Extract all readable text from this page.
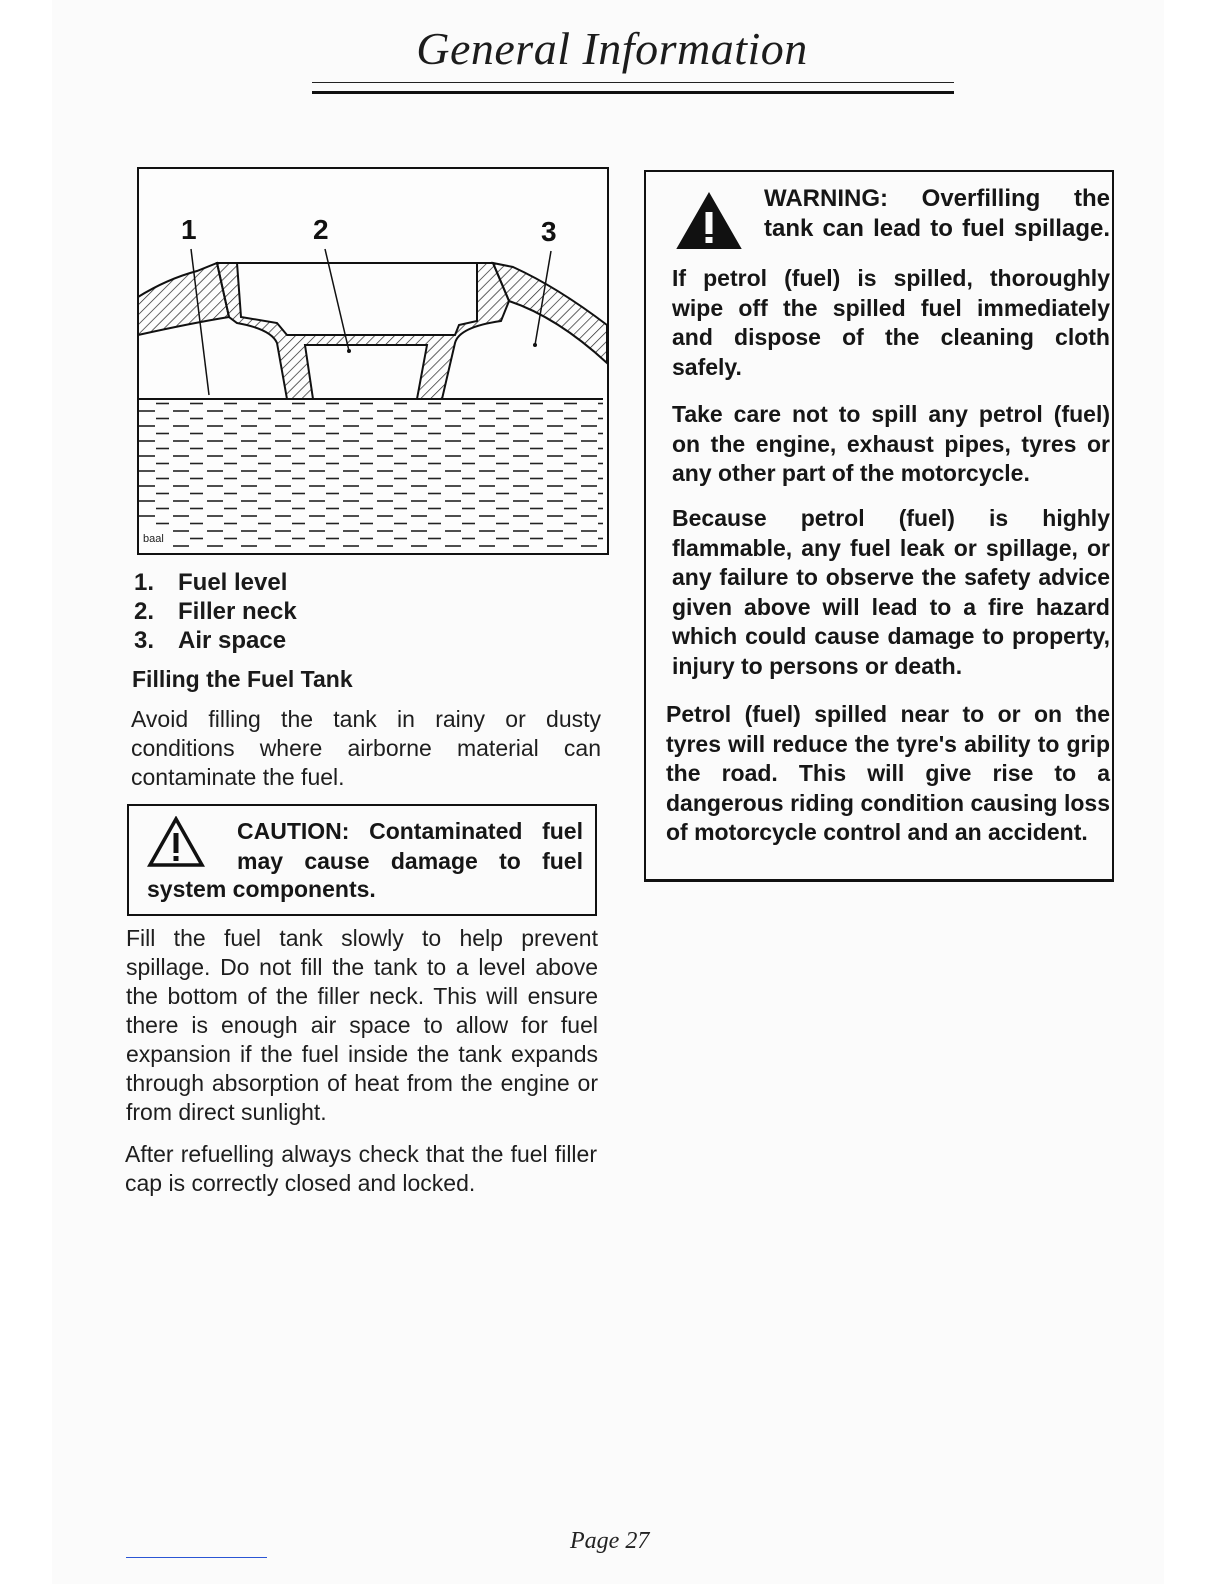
General Information
baal
1	2	3
1. Fuel level
2. Filler neck
3. Air space
Filling the Fuel Tank

Avoid filling the tank in rainy or dusty conditions where airborne material can contaminate the fuel.

CAUTION: Contaminated fuel may cause damage to fuel
system components.

Fill the fuel tank slowly to help prevent spillage. Do not fill the tank to a level above the bottom of the filler neck. This will ensure there is enough air space to allow for fuel expansion if the fuel inside the tank expands through absorption of heat from the engine or from direct sunlight.

After refuelling always check that the fuel filler cap is correctly closed and locked.

WARNING: Overfilling the tank can lead to fuel spillage.

If petrol (fuel) is spilled, thoroughly wipe off the spilled fuel immediately and dispose of the cleaning cloth safely.

Take care not to spill any petrol (fuel) on the engine, exhaust pipes, tyres or any other part of the motorcycle.

Because petrol (fuel) is highly flammable, any fuel leak or spillage, or any failure to observe the safety advice given above will lead to a fire hazard which could cause damage to property, injury to persons or death.

Petrol (fuel) spilled near to or on the tyres will reduce the tyre's ability to grip the road. This will give rise to a dangerous riding condition causing loss of motorcycle control and an accident.

Page 27
